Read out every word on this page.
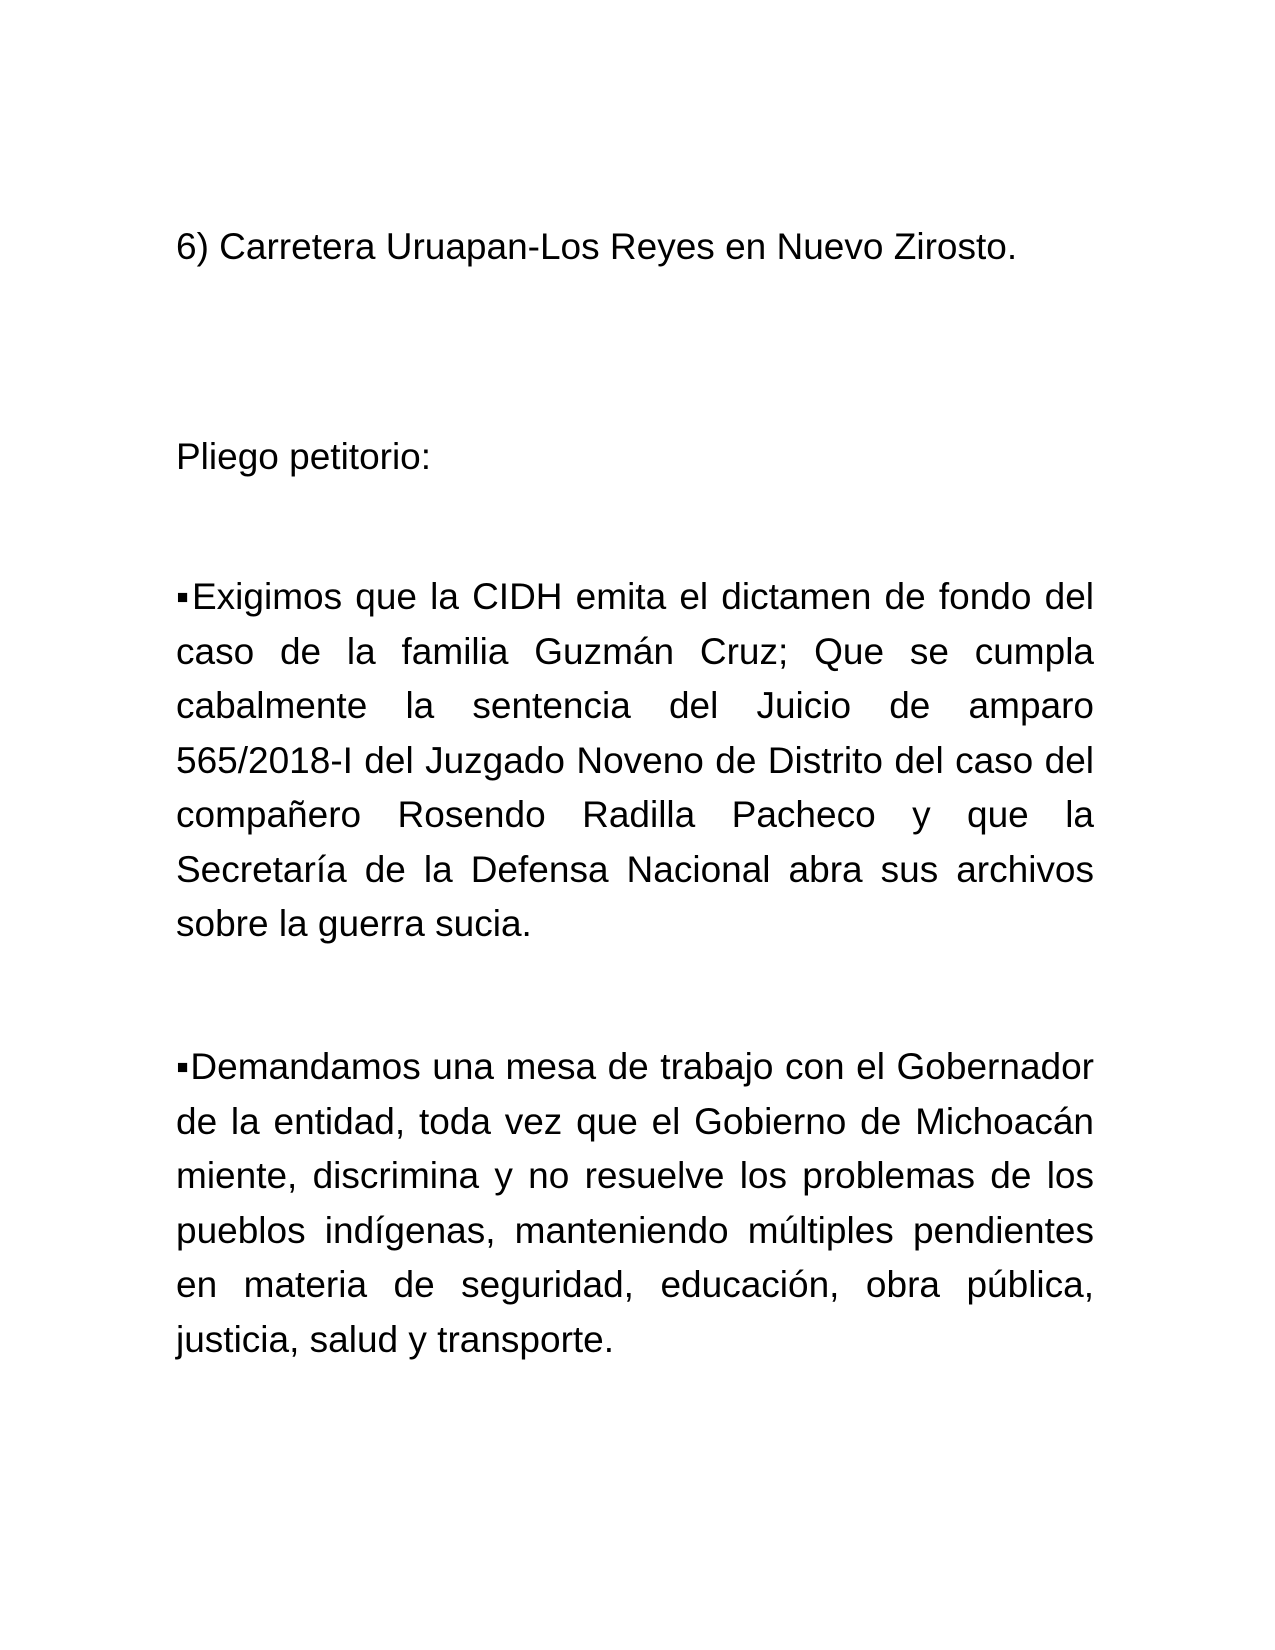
6) Carretera Uruapan-Los Reyes en Nuevo Zirosto.

Pliego petitorio:

▪Exigimos que la CIDH emita el dictamen de fondo del caso de la familia Guzmán Cruz; Que se cumpla cabalmente la sentencia del Juicio de amparo 565/2018-I del Juzgado Noveno de Distrito del caso del compañero Rosendo Radilla Pacheco y que la Secretaría de la Defensa Nacional abra sus archivos sobre la guerra sucia.

▪Demandamos una mesa de trabajo con el Gobernador de la entidad, toda vez que el Gobierno de Michoacán miente, discrimina y no resuelve los problemas de los pueblos indígenas, manteniendo múltiples pendientes en materia de seguridad, educación, obra pública, justicia, salud y transporte.
